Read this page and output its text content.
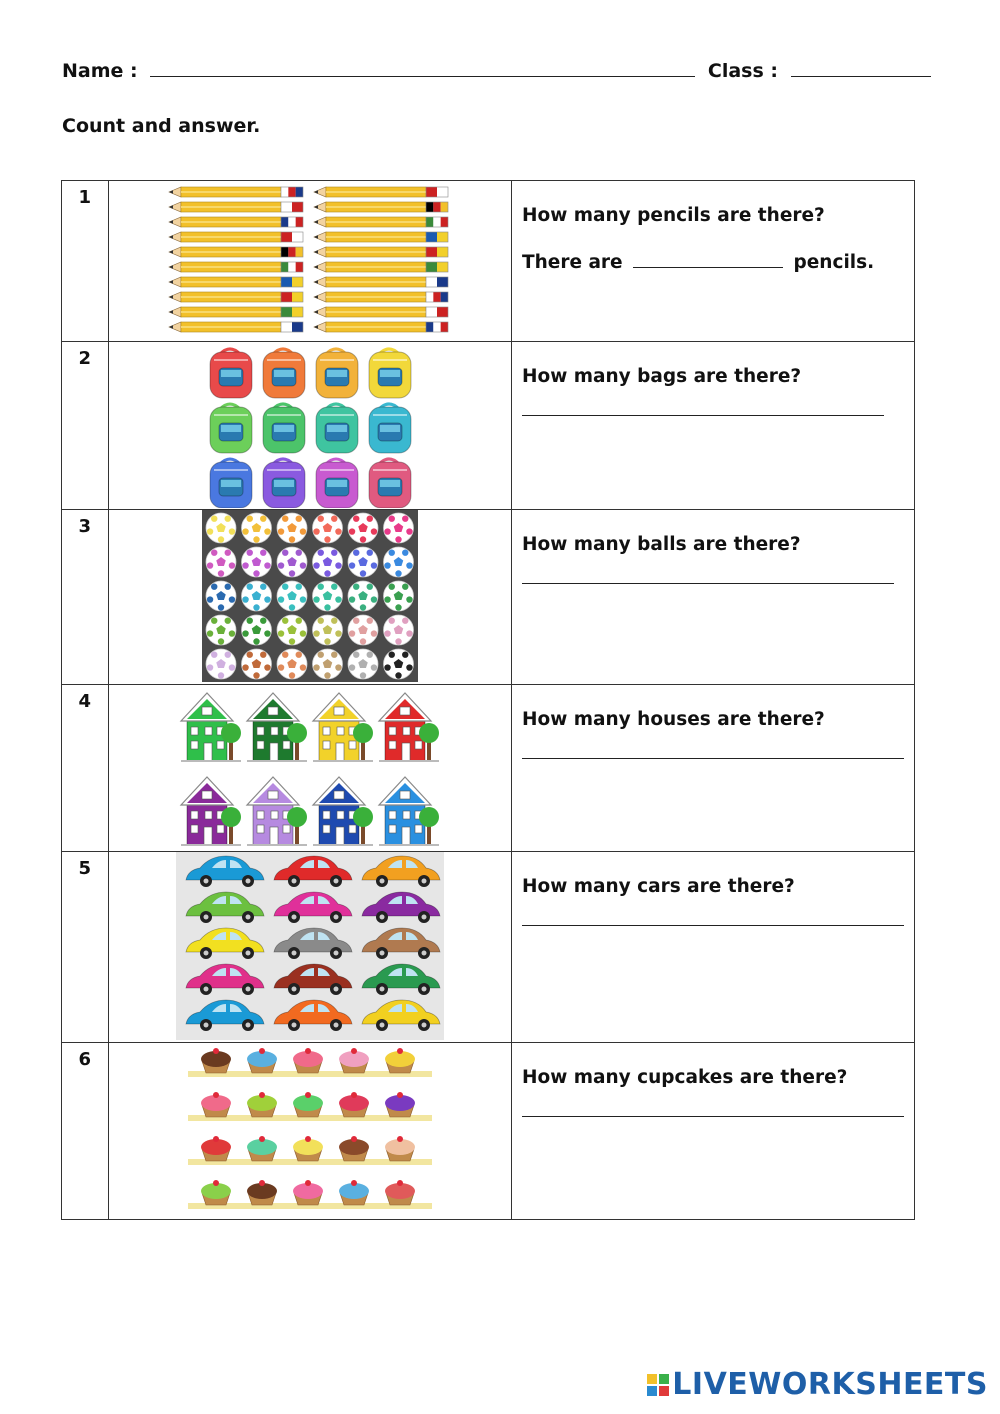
Name :	Class :
Count and answer.
1		How many pencils are there?
There are pencils.

2		How many bags are there?

3		How many balls are there?

4		How many houses are there?

5		How many cars are there?

6		How many cupcakes are there?
LIVEWORKSHEETS
